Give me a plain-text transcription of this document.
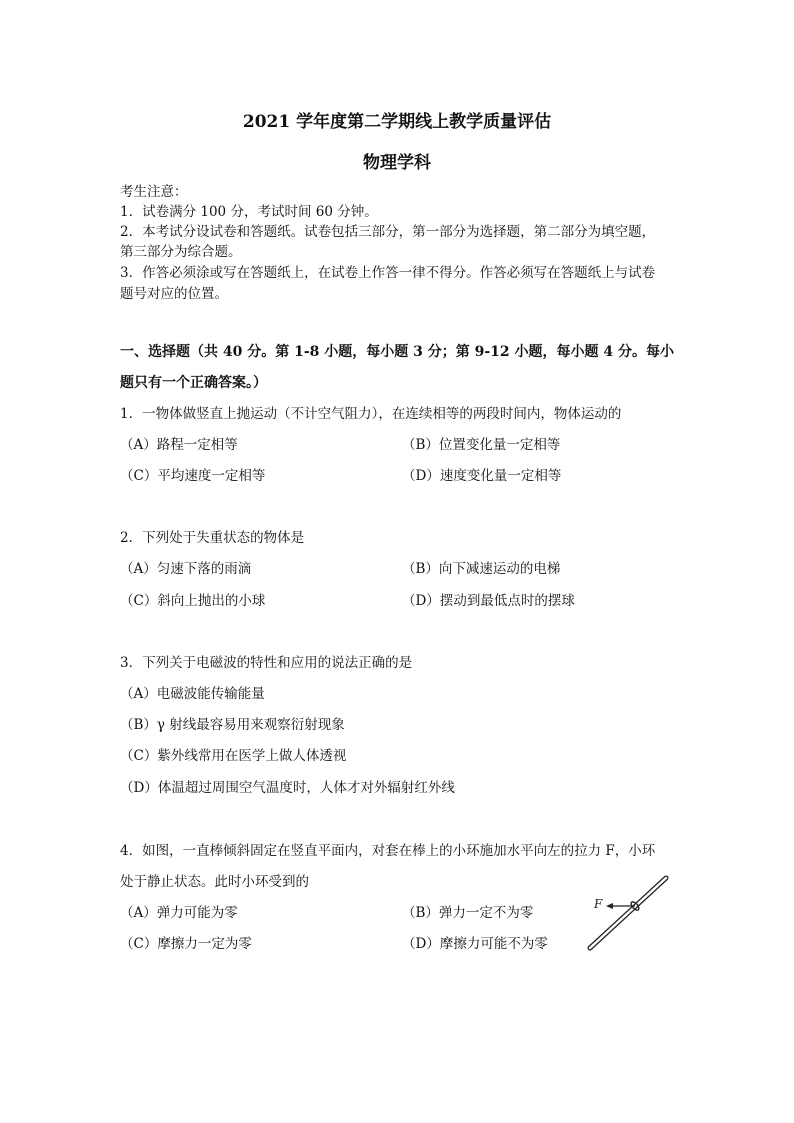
2021 学年度第二学期线上教学质量评估
物理学科
考生注意：
1．试卷满分 100 分，考试时间 60 分钟。
2．本考试分设试卷和答题纸。试卷包括三部分，第一部分为选择题，第二部分为填空题，
第三部分为综合题。
3．作答必须涂或写在答题纸上，在试卷上作答一律不得分。作答必须写在答题纸上与试卷
题号对应的位置。
一、选择题（共 40 分。第 1-8 小题，每小题 3 分；第 9-12 小题，每小题 4 分。每小
题只有一个正确答案。）
1．一物体做竖直上抛运动（不计空气阻力），在连续相等的两段时间内，物体运动的
（A）路程一定相等	（B）位置变化量一定相等
（C）平均速度一定相等	（D）速度变化量一定相等
2．下列处于失重状态的物体是
（A）匀速下落的雨滴	（B）向下减速运动的电梯
（C）斜向上抛出的小球	（D）摆动到最低点时的摆球
3．下列关于电磁波的特性和应用的说法正确的是
（A）电磁波能传输能量
（B）γ 射线最容易用来观察衍射现象
（C）紫外线常用在医学上做人体透视
（D）体温超过周围空气温度时，人体才对外辐射红外线
4．如图，一直棒倾斜固定在竖直平面内，对套在棒上的小环施加水平向左的拉力 F，小环
处于静止状态。此时小环受到的
（A）弹力可能为零	（B）弹力一定不为零
（C）摩擦力一定为零	（D）摩擦力可能不为零
F
